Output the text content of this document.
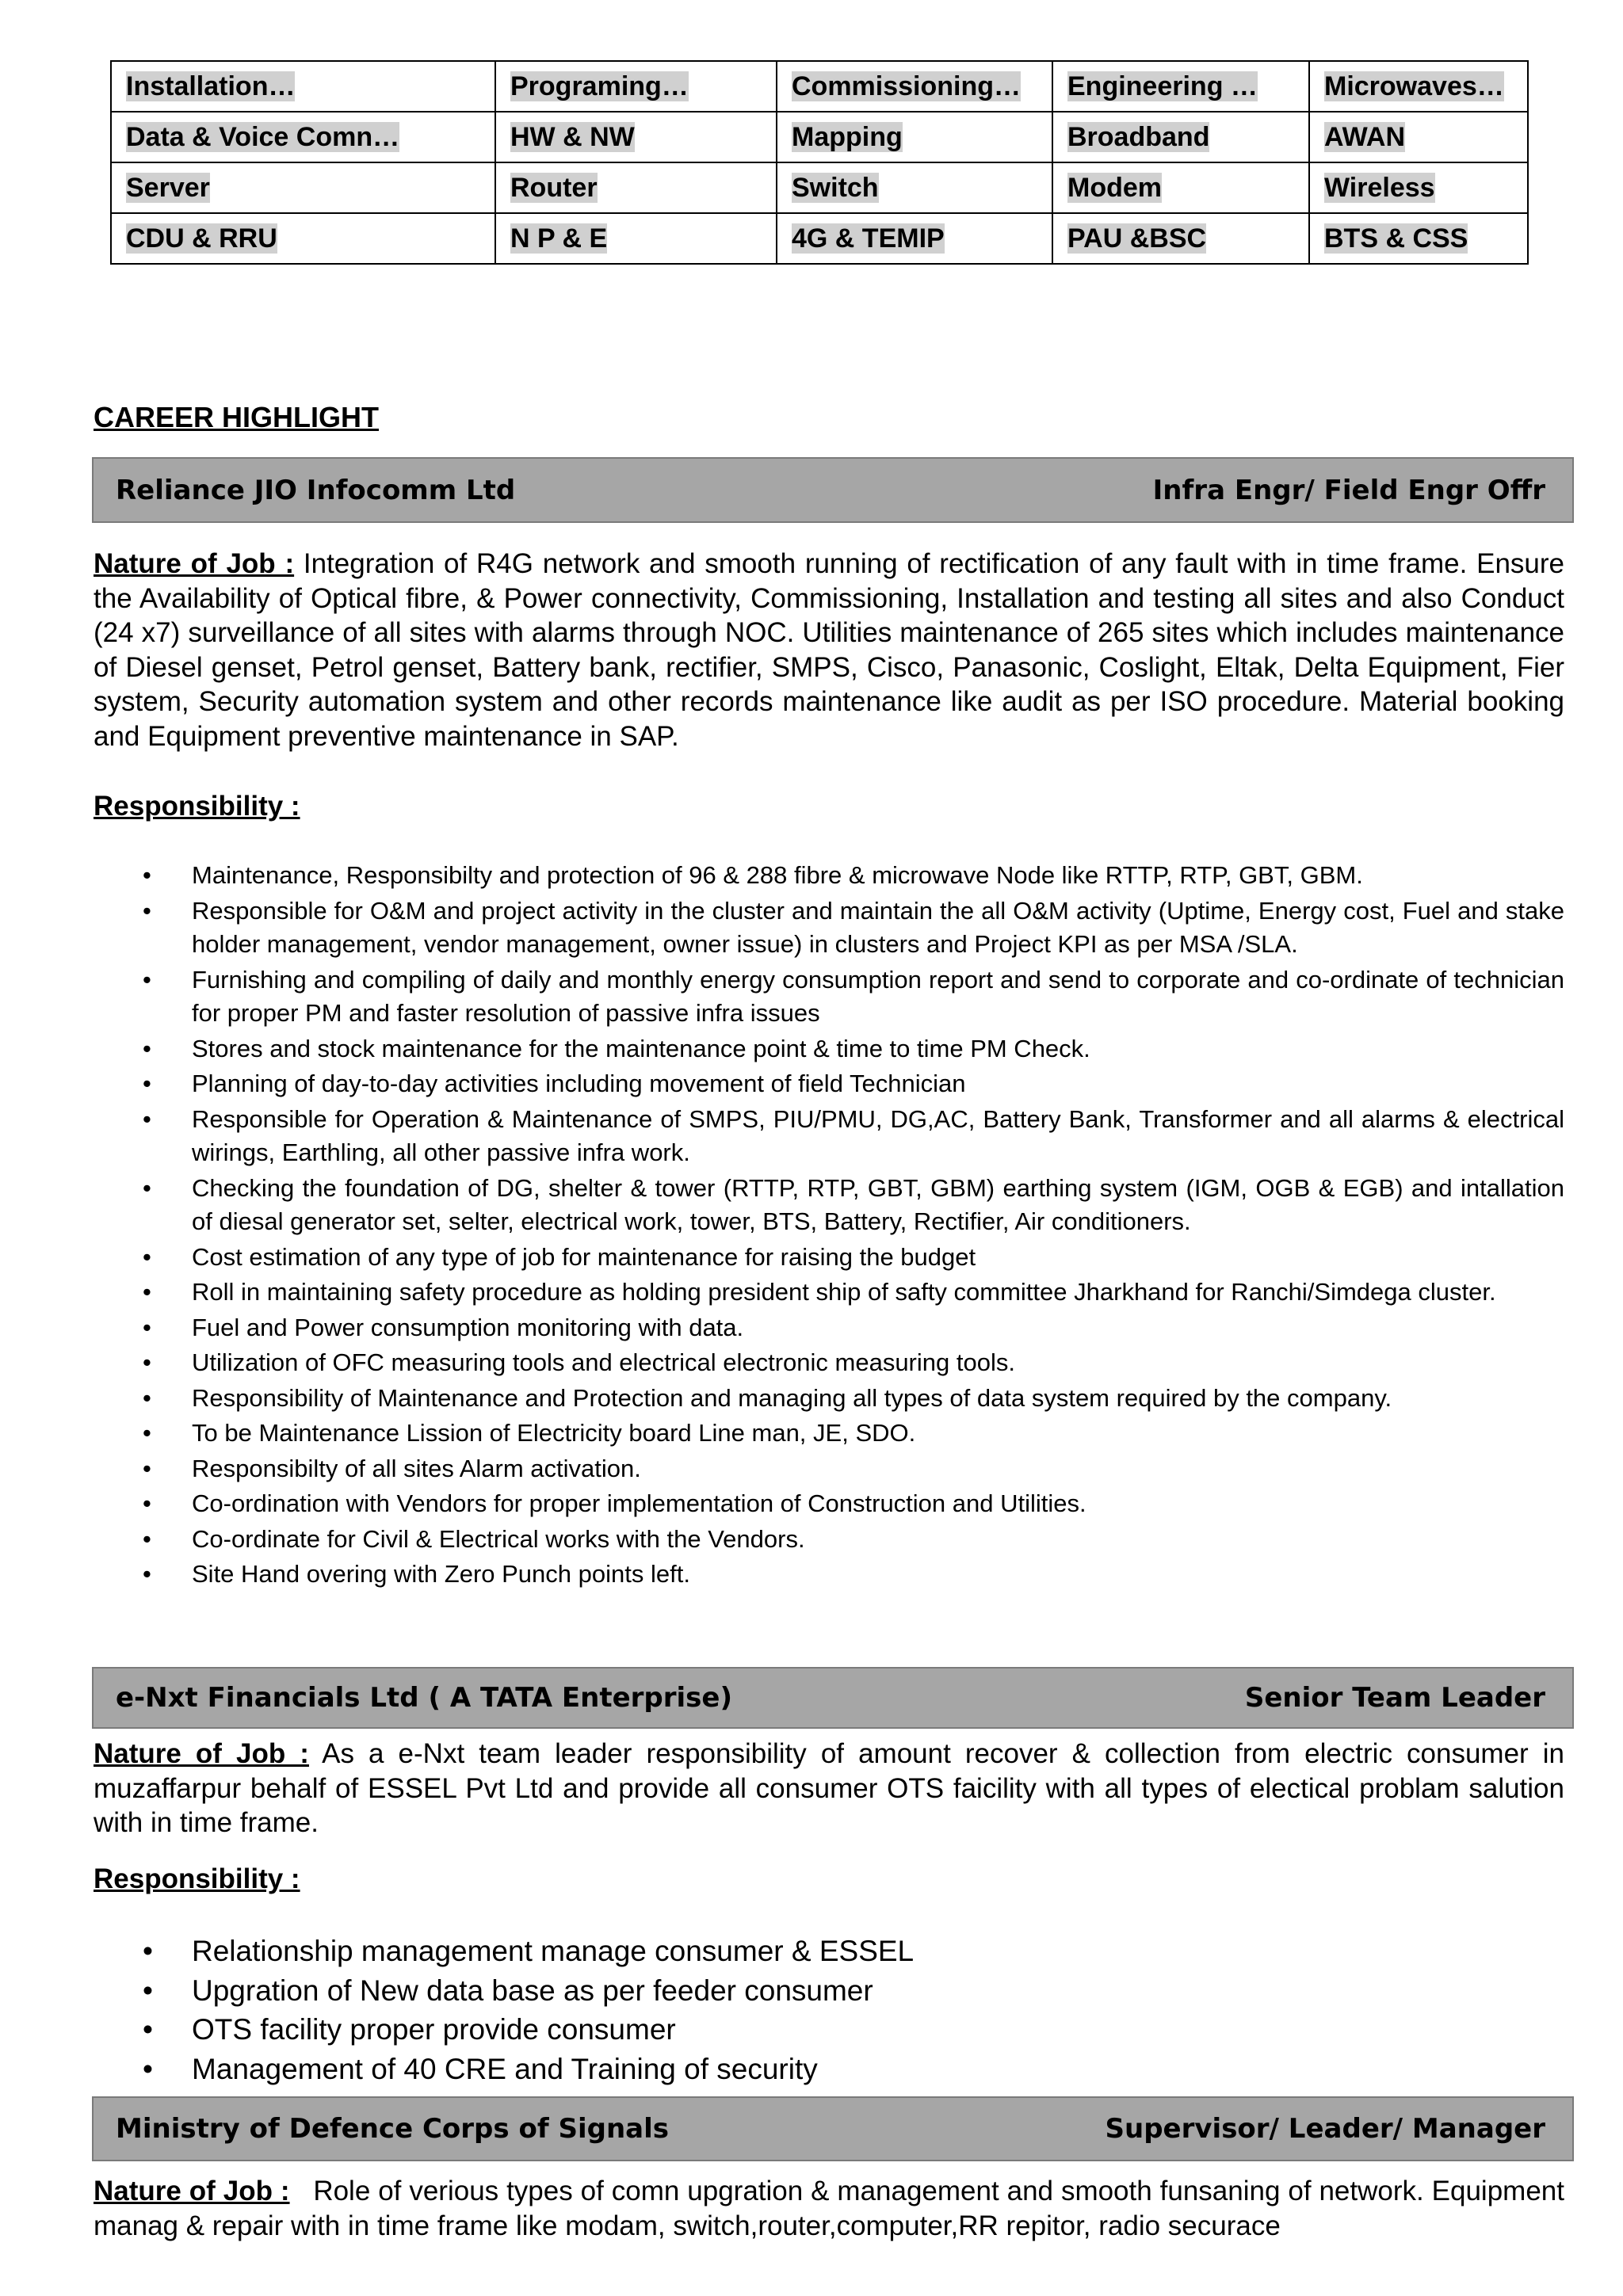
Installation…	Programing…	Commissioning…	Engineering …	Microwaves…
Data & Voice Comn…	HW & NW	Mapping	Broadband	AWAN
Server	Router	Switch	Modem	Wireless
CDU & RRU	N P & E	4G & TEMIP	PAU &BSC	BTS & CSS
CAREER HIGHLIGHT
Reliance JIO Infocomm Ltd	Infra Engr/ Field Engr Offr

Nature of Job : Integration of R4G network and smooth running of rectification of any fault with in time frame. Ensure the Availability of Optical fibre, & Power connectivity, Commissioning, Installation and testing all sites and also Conduct (24 x7) surveillance of all sites with alarms through NOC. Utilities maintenance of 265 sites which includes maintenance of Diesel genset, Petrol genset, Battery bank, rectifier, SMPS, Cisco, Panasonic, Coslight, Eltak, Delta Equipment, Fier system, Security automation system and other records maintenance like audit as per ISO procedure. Material booking and Equipment preventive maintenance in SAP.

Responsibility :

• Maintenance, Responsibilty and protection of 96 & 288 fibre & microwave Node like RTTP, RTP, GBT, GBM.
• Responsible for O&M and project activity in the cluster and maintain the all O&M activity (Uptime, Energy cost, Fuel and stake holder management, vendor management, owner issue) in clusters and Project KPI as per MSA /SLA.
• Furnishing and compiling of daily and monthly energy consumption report and send to corporate and co-ordinate of technician for proper PM and faster resolution of passive infra issues
• Stores and stock maintenance for the maintenance point & time to time PM Check.
• Planning of day-to-day activities including movement of field Technician
• Responsible for Operation & Maintenance of SMPS, PIU/PMU, DG,AC, Battery Bank, Transformer and all alarms & electrical wirings, Earthling, all other passive infra work.
• Checking the foundation of DG, shelter & tower (RTTP, RTP, GBT, GBM) earthing system (IGM, OGB & EGB) and intallation of diesal generator set, selter, electrical work, tower, BTS, Battery, Rectifier, Air conditioners.
• Cost estimation of any type of job for maintenance for raising the budget
• Roll in maintaining safety procedure as holding president ship of safty committee Jharkhand for Ranchi/Simdega cluster.
• Fuel and Power consumption monitoring with data.
• Utilization of OFC measuring tools and electrical electronic measuring tools.
• Responsibility of Maintenance and Protection and managing all types of data system required by the company.
• To be Maintenance Lission of Electricity board Line man, JE, SDO.
• Responsibilty of all sites Alarm activation.
• Co-ordination with Vendors for proper implementation of Construction and Utilities.
• Co-ordinate for Civil & Electrical works with the Vendors.
• Site Hand overing with Zero Punch points left.
e-Nxt Financials Ltd ( A TATA Enterprise)	Senior Team Leader

Nature of Job : As a e-Nxt team leader responsibility of amount recover & collection from electric consumer in muzaffarpur behalf of ESSEL Pvt Ltd and provide all consumer OTS faicility with all types of electical problam salution with in time frame.

Responsibility :

• Relationship management manage consumer & ESSEL
• Upgration of New data base as per feeder consumer
• OTS facility proper provide consumer
• Management of 40 CRE and Training of security
Ministry of Defence Corps of Signals	Supervisor/ Leader/ Manager

Nature of Job : Role of verious types of comn upgration & management and smooth funsaning of network. Equipment manag & repair with in time frame like modam, switch,router,computer,RR repitor, radio securace
